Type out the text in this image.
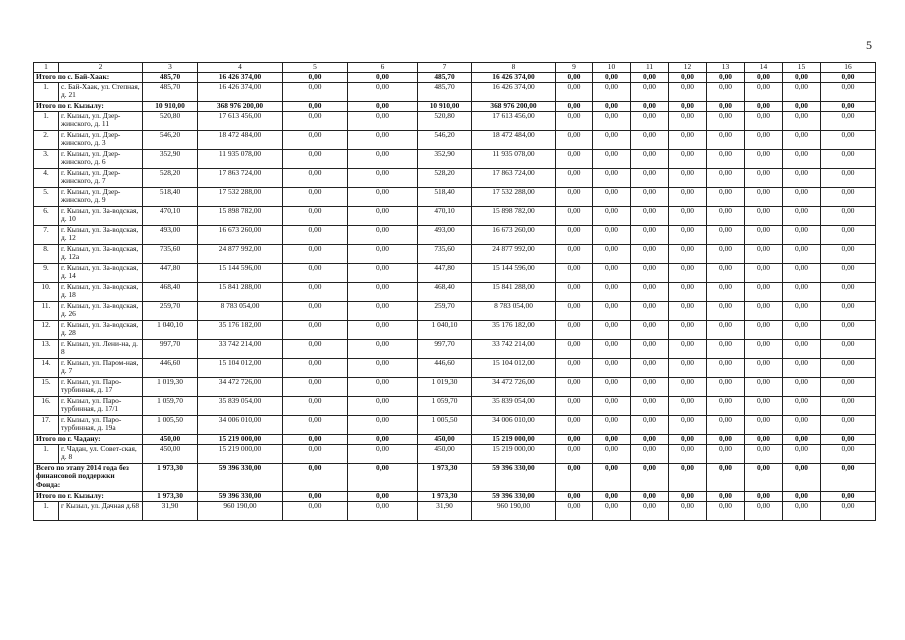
5
1	2	3	4	5	6	7	8	9	10	11	12	13	14	15	16
Итого по с. Бай-Хаак:		485,70	16 426 374,00	0,00	0,00	485,70	16 426 374,00	0,00	0,00	0,00	0,00	0,00	0,00	0,00	0,00
1.	с. Бай-Хаак, ул. Степная, д. 21	485,70	16 426 374,00	0,00	0,00	485,70	16 426 374,00	0,00	0,00	0,00	0,00	0,00	0,00	0,00	0,00
Итого по г. Кызылу:		10 910,00	368 976 200,00	0,00	0,00	10 910,00	368 976 200,00	0,00	0,00	0,00	0,00	0,00	0,00	0,00	0,00
1.	г. Кызыл, ул. Дзер-жинского, д. 11	520,80	17 613 456,00	0,00	0,00	520,80	17 613 456,00	0,00	0,00	0,00	0,00	0,00	0,00	0,00	0,00
2.	г. Кызыл, ул. Дзер-жинского, д. 3	546,20	18 472 484,00	0,00	0,00	546,20	18 472 484,00	0,00	0,00	0,00	0,00	0,00	0,00	0,00	0,00
3.	г. Кызыл, ул. Дзер-жинского, д. 6	352,90	11 935 078,00	0,00	0,00	352,90	11 935 078,00	0,00	0,00	0,00	0,00	0,00	0,00	0,00	0,00
4.	г. Кызыл, ул. Дзер-жинского, д. 7	528,20	17 863 724,00	0,00	0,00	528,20	17 863 724,00	0,00	0,00	0,00	0,00	0,00	0,00	0,00	0,00
5.	г. Кызыл, ул. Дзер-жинского, д. 9	518,40	17 532 288,00	0,00	0,00	518,40	17 532 288,00	0,00	0,00	0,00	0,00	0,00	0,00	0,00	0,00
6.	г. Кызыл, ул. За-водская, д. 10	470,10	15 898 782,00	0,00	0,00	470,10	15 898 782,00	0,00	0,00	0,00	0,00	0,00	0,00	0,00	0,00
7.	г. Кызыл, ул. За-водская, д. 12	493,00	16 673 260,00	0,00	0,00	493,00	16 673 260,00	0,00	0,00	0,00	0,00	0,00	0,00	0,00	0,00
8.	г. Кызыл, ул. За-водская, д. 12а	735,60	24 877 992,00	0,00	0,00	735,60	24 877 992,00	0,00	0,00	0,00	0,00	0,00	0,00	0,00	0,00
9.	г. Кызыл, ул. За-водская, д. 14	447,80	15 144 596,00	0,00	0,00	447,80	15 144 596,00	0,00	0,00	0,00	0,00	0,00	0,00	0,00	0,00
10.	г. Кызыл, ул. За-водская, д. 18	468,40	15 841 288,00	0,00	0,00	468,40	15 841 288,00	0,00	0,00	0,00	0,00	0,00	0,00	0,00	0,00
11.	г. Кызыл, ул. За-водская, д. 26	259,70	8 783 054,00	0,00	0,00	259,70	8 783 054,00	0,00	0,00	0,00	0,00	0,00	0,00	0,00	0,00
12.	г. Кызыл, ул. За-водская, д. 28	1 040,10	35 176 182,00	0,00	0,00	1 040,10	35 176 182,00	0,00	0,00	0,00	0,00	0,00	0,00	0,00	0,00
13.	г. Кызыл, ул. Лени-на, д. 8	997,70	33 742 214,00	0,00	0,00	997,70	33 742 214,00	0,00	0,00	0,00	0,00	0,00	0,00	0,00	0,00
14.	г. Кызыл, ул. Паром-ная, д. 7	446,60	15 104 012,00	0,00	0,00	446,60	15 104 012,00	0,00	0,00	0,00	0,00	0,00	0,00	0,00	0,00
15.	г. Кызыл, ул. Паро-турбинная, д. 17	1 019,30	34 472 726,00	0,00	0,00	1 019,30	34 472 726,00	0,00	0,00	0,00	0,00	0,00	0,00	0,00	0,00
16.	г. Кызыл, ул. Паро-турбинная, д. 17/1	1 059,70	35 839 054,00	0,00	0,00	1 059,70	35 839 054,00	0,00	0,00	0,00	0,00	0,00	0,00	0,00	0,00
17.	г. Кызыл, ул. Паро-турбинная, д. 19а	1 005,50	34 006 010,00	0,00	0,00	1 005,50	34 006 010,00	0,00	0,00	0,00	0,00	0,00	0,00	0,00	0,00
Итого по г. Чадану:		450,00	15 219 000,00	0,00	0,00	450,00	15 219 000,00	0,00	0,00	0,00	0,00	0,00	0,00	0,00	0,00
1.	г. Чадан, ул. Совет-ская, д. 8	450,00	15 219 000,00	0,00	0,00	450,00	15 219 000,00	0,00	0,00	0,00	0,00	0,00	0,00	0,00	0,00
Всего по этапу 2014 года без финансовой поддержки Фонда:		1 973,30	59 396 330,00	0,00	0,00	1 973,30	59 396 330,00	0,00	0,00	0,00	0,00	0,00	0,00	0,00	0,00
Итого по г. Кызылу:		1 973,30	59 396 330,00	0,00	0,00	1 973,30	59 396 330,00	0,00	0,00	0,00	0,00	0,00	0,00	0,00	0,00
1.	г Кызыл, ул. Дачная д.68	31,90	960 190,00	0,00	0,00	31,90	960 190,00	0,00	0,00	0,00	0,00	0,00	0,00	0,00	0,00
